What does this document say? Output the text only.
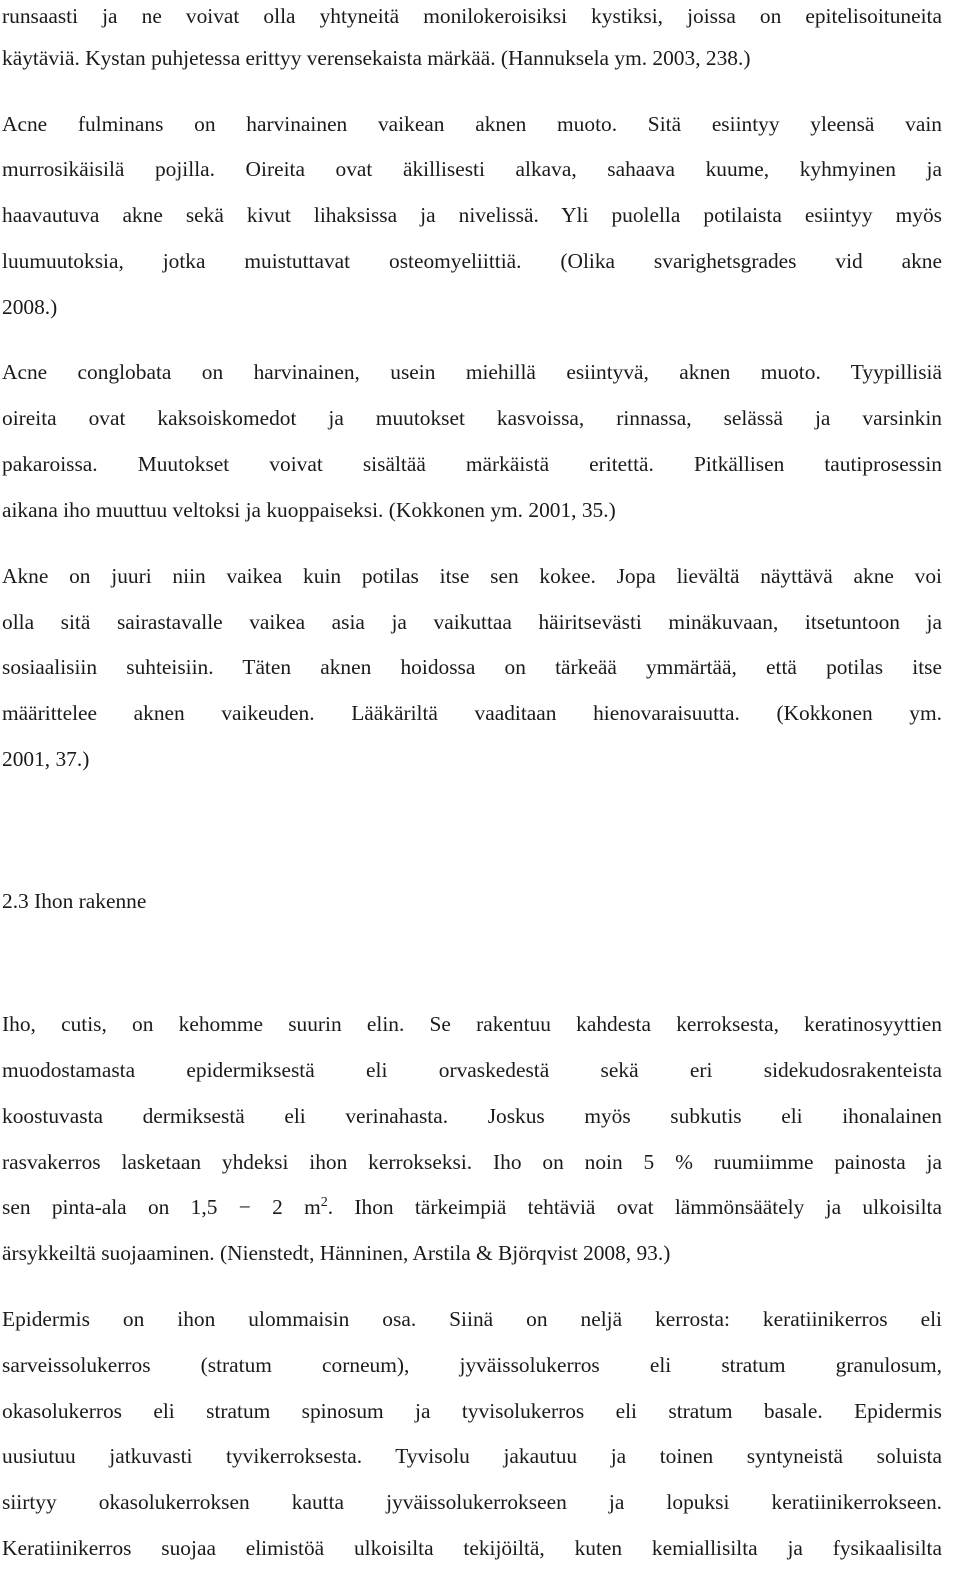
runsaasti ja ne voivat olla yhtyneitä monilokeroisiksi kystiksi, joissa on epitelisoituneita
käytäviä. Kystan puhjetessa erittyy verensekaista märkää. (Hannuksela ym. 2003, 238.)
Acne fulminans on harvinainen vaikean aknen muoto. Sitä esiintyy yleensä vain
murrosikäisilä pojilla. Oireita ovat äkillisesti alkava, sahaava kuume, kyhmyinen ja
haavautuva akne sekä kivut lihaksissa ja nivelissä. Yli puolella potilaista esiintyy myös
luumuutoksia, jotka muistuttavat osteomyeliittiä. (Olika svarighetsgrades vid akne
2008.)
Acne conglobata on harvinainen, usein miehillä esiintyvä, aknen muoto. Tyypillisiä
oireita ovat kaksoiskomedot ja muutokset kasvoissa, rinnassa, selässä ja varsinkin
pakaroissa. Muutokset voivat sisältää märkäistä eritettä. Pitkällisen tautiprosessin
aikana iho muuttuu veltoksi ja kuoppaiseksi. (Kokkonen ym. 2001, 35.)
Akne on juuri niin vaikea kuin potilas itse sen kokee. Jopa lievältä näyttävä akne voi
olla sitä sairastavalle vaikea asia ja vaikuttaa häiritsevästi minäkuvaan, itsetuntoon ja
sosiaalisiin suhteisiin. Täten aknen hoidossa on tärkeää ymmärtää, että potilas itse
määrittelee aknen vaikeuden. Lääkäriltä vaaditaan hienovaraisuutta. (Kokkonen ym.
2001, 37.)
2.3 Ihon rakenne
Iho, cutis, on kehomme suurin elin. Se rakentuu kahdesta kerroksesta, keratinosyyttien
muodostamasta epidermiksestä eli orvaskedestä sekä eri sidekudosrakenteista
koostuvasta dermiksestä eli verinahasta. Joskus myös subkutis eli ihonalainen
rasvakerros lasketaan yhdeksi ihon kerrokseksi. Iho on noin 5 % ruumiimme painosta ja
sen pinta-ala on 1,5 − 2 $m^2$. Ihon tärkeimpiä tehtäviä ovat lämmönsäätely ja ulkoisilta
ärsykkeiltä suojaaminen. (Nienstedt, Hänninen, Arstila & Björqvist 2008, 93.)
Epidermis on ihon ulommaisin osa. Siinä on neljä kerrosta: keratiinikerros eli
sarveissolukerros (stratum corneum), jyväissolukerros eli stratum granulosum,
okasolukerros eli stratum spinosum ja tyvisolukerros eli stratum basale. Epidermis
uusiutuu jatkuvasti tyvikerroksesta. Tyvisolu jakautuu ja toinen syntyneistä soluista
siirtyy okasolukerroksen kautta jyväissolukerrokseen ja lopuksi keratiinikerrokseen.
Keratiinikerros suojaa elimistöä ulkoisilta tekijöiltä, kuten kemiallisilta ja fysikaalisilta
